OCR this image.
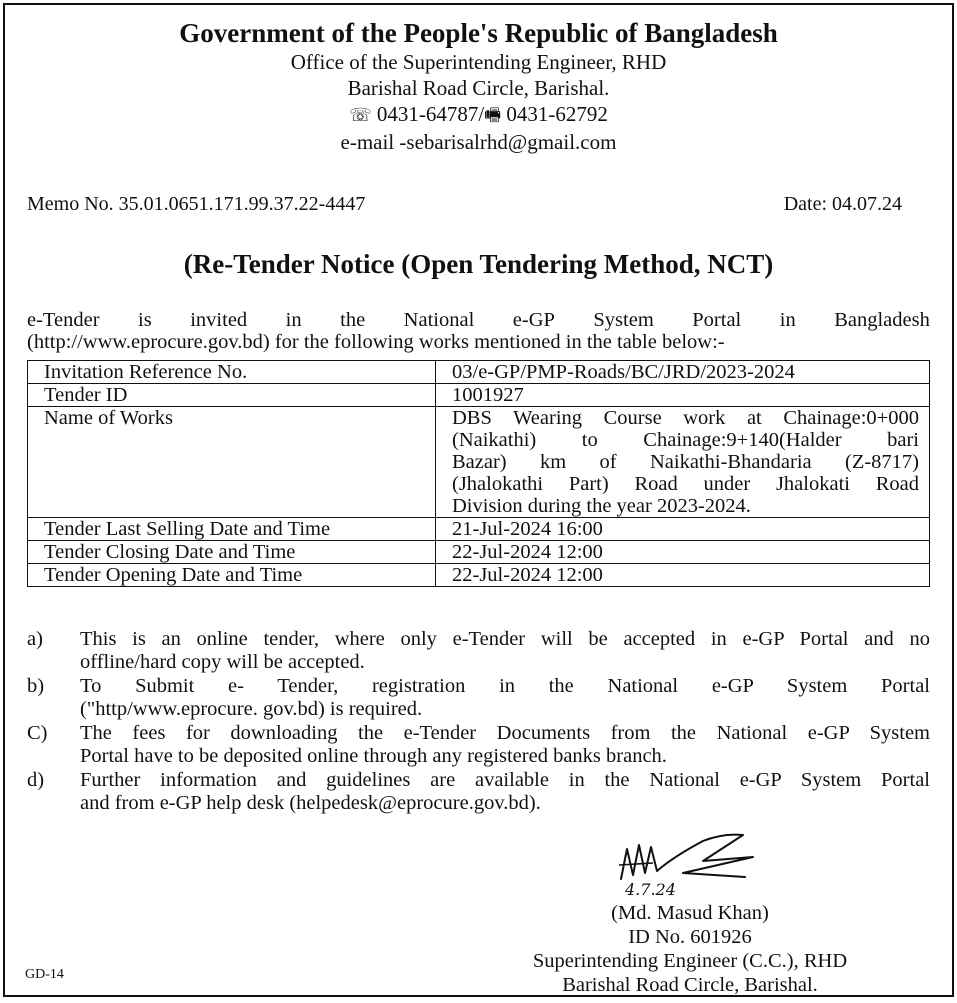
Government of the People's Republic of Bangladesh
Office of the Superintending Engineer, RHD
Barishal Road Circle, Barishal.
☏ 0431-64787/🖷 0431-62792
e-mail -sebarisalrhd@gmail.com
Memo No. 35.01.0651.171.99.37.22-4447	Date: 04.07.24
(Re-Tender Notice (Open Tendering Method, NCT)
e-Tender is invited in the National e-GP System Portal in Bangladesh
(http://www.eprocure.gov.bd) for the following works mentioned in the table below:-
Invitation Reference No.	03/e-GP/PMP-Roads/BC/JRD/2023-2024
Tender ID	1001927
Name of Works	DBS Wearing Course work at Chainage:0+000
(Naikathi) to Chainage:9+140(Halder bari
Bazar) km of Naikathi-Bhandaria (Z-8717)
(Jhalokathi Part) Road under Jhalokati Road
Division during the year 2023-2024.

Tender Last Selling Date and Time	21-Jul-2024 16:00
Tender Closing Date and Time	22-Jul-2024 12:00
Tender Opening Date and Time	22-Jul-2024 12:00
a)	This is an online tender, where only e-Tender will be accepted in e-GP Portal and no
offline/hard copy will be accepted.
b)	To Submit e- Tender, registration in the National e-GP System Portal
("http/www.eprocure. gov.bd) is required.
C)	The fees for downloading the e-Tender Documents from the National e-GP System
Portal have to be deposited online through any registered banks branch.
d)	Further information and guidelines are available in the National e-GP System Portal
and from e-GP help desk (helpedesk@eprocure.gov.bd).
4.7.24
(Md. Masud Khan)
ID No. 601926
Superintending Engineer (C.C.), RHD
Barishal Road Circle, Barishal.
GD-14
